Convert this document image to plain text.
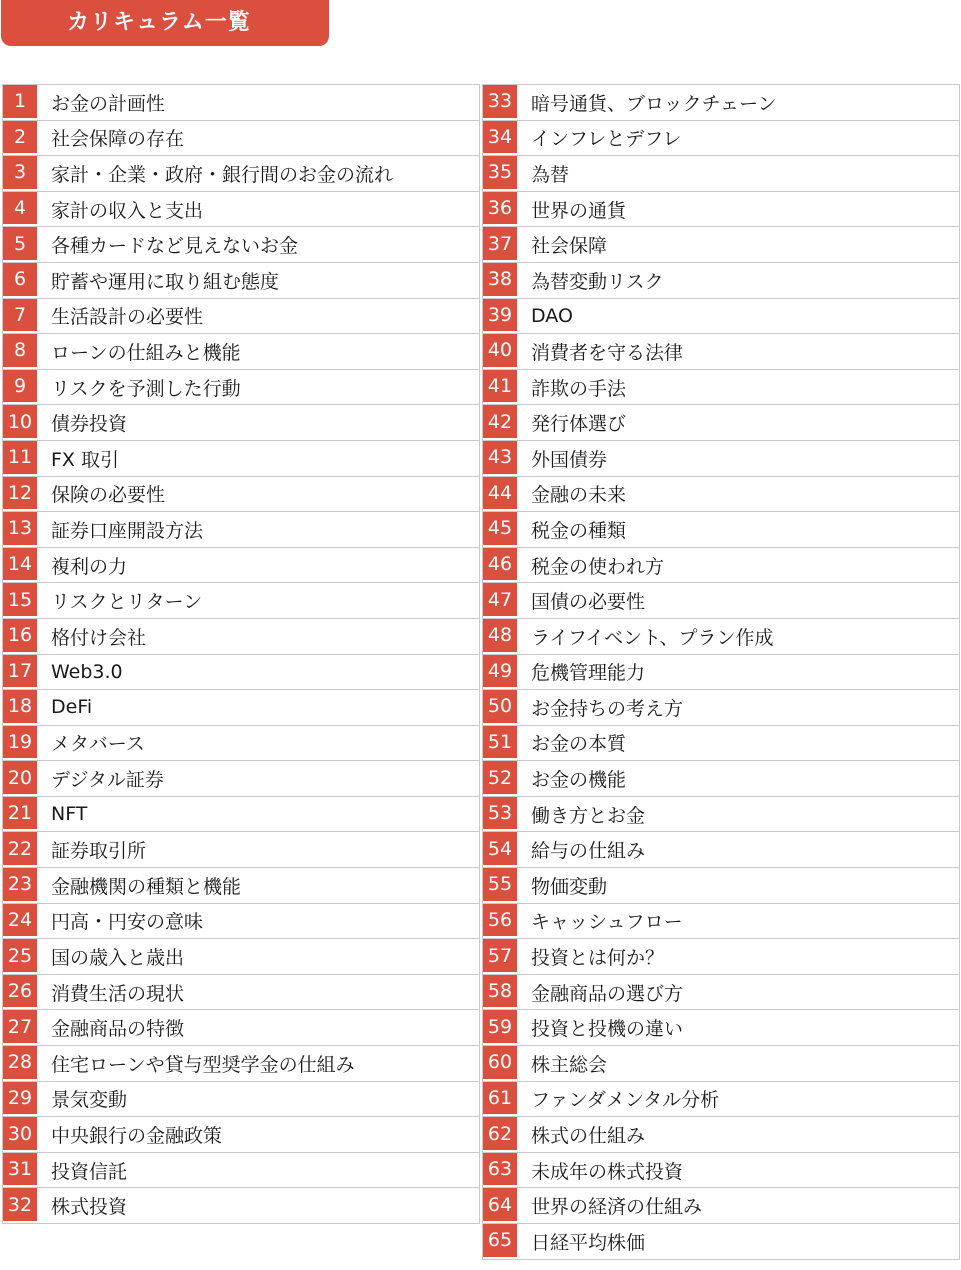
カリキュラム一覧
1	お金の計画性
2	社会保障の存在
3	家計・企業・政府・銀行間のお金の流れ
4	家計の収入と支出
5	各種カードなど見えないお金
6	貯蓄や運用に取り組む態度
7	生活設計の必要性
8	ローンの仕組みと機能
9	リスクを予測した行動
10 債券投資
11 FX 取引
12 保険の必要性
13 証券口座開設方法
14 複利の力
15 リスクとリターン
16 格付け会社
17 Web3.0
18 DeFi
19 メタバース
20 デジタル証券
21 NFT
22 証券取引所
23 金融機関の種類と機能
24 円高・円安の意味
25 国の歳入と歳出
26 消費生活の現状
27 金融商品の特徴
28 住宅ローンや貸与型奨学金の仕組み
29 景気変動
30 中央銀行の金融政策
31 投資信託
32 株式投資
33 暗号通貨、ブロックチェーン
34 インフレとデフレ
35 為替
36 世界の通貨
37 社会保障
38 為替変動リスク
39 DAO
40 消費者を守る法律
41 詐欺の手法
42 発行体選び
43 外国債券
44 金融の未来
45 税金の種類
46 税金の使われ方
47 国債の必要性
48 ライフイベント、プラン作成
49 危機管理能力
50 お金持ちの考え方
51 お金の本質
52 お金の機能
53 働き方とお金
54 給与の仕組み
55 物価変動
56 キャッシュフロー
57 投資とは何か？
58 金融商品の選び方
59 投資と投機の違い
60 株主総会
61 ファンダメンタル分析
62 株式の仕組み
63 未成年の株式投資
64 世界の経済の仕組み
65 日経平均株価
